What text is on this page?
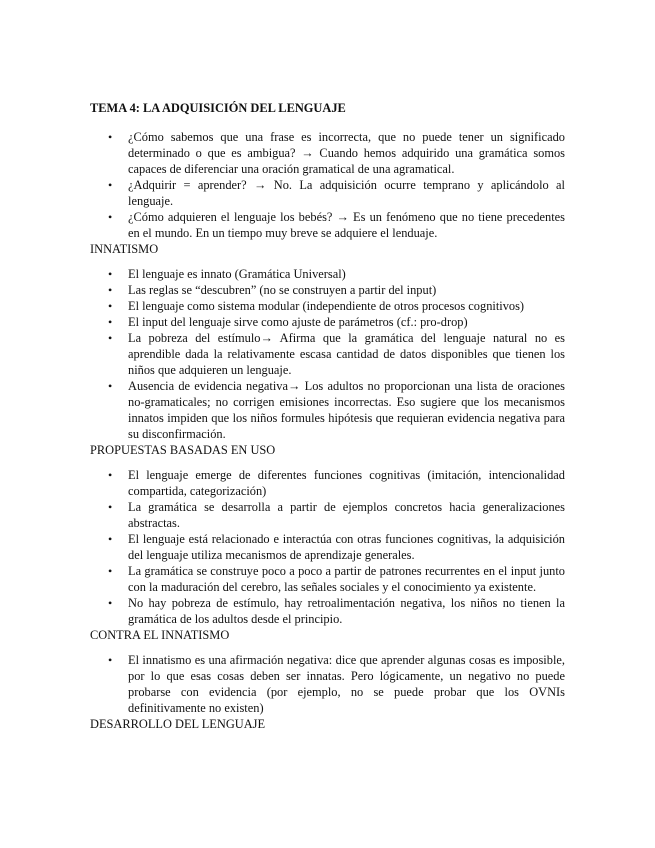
TEMA 4: LA ADQUISICIÓN DEL LENGUAJE
• ¿Cómo sabemos que una frase es incorrecta, que no puede tener un significado determinado o que es ambigua? → Cuando hemos adquirido una gramática somos capaces de diferenciar una oración gramatical de una agramatical.
• ¿Adquirir = aprender? → No. La adquisición ocurre temprano y aplicándolo al lenguaje.
• ¿Cómo adquieren el lenguaje los bebés? → Es un fenómeno que no tiene precedentes en el mundo. En un tiempo muy breve se adquiere el lenduaje.
INNATISMO
• El lenguaje es innato (Gramática Universal)
• Las reglas se “descubren” (no se construyen a partir del input)
• El lenguaje como sistema modular (independiente de otros procesos cognitivos)
• El input del lenguaje sirve como ajuste de parámetros (cf.: pro-drop)
• La pobreza del estímulo→ Afirma que la gramática del lenguaje natural no es aprendible dada la relativamente escasa cantidad de datos disponibles que tienen los niños que adquieren un lenguaje.
• Ausencia de evidencia negativa→ Los adultos no proporcionan una lista de oraciones no-gramaticales; no corrigen emisiones incorrectas. Eso sugiere que los mecanismos innatos impiden que los niños formules hipótesis que requieran evidencia negativa para su disconfirmación.
PROPUESTAS BASADAS EN USO
• El lenguaje emerge de diferentes funciones cognitivas (imitación, intencionalidad compartida, categorización)
• La gramática se desarrolla a partir de ejemplos concretos hacia generalizaciones abstractas.
• El lenguaje está relacionado e interactúa con otras funciones cognitivas, la adquisición del lenguaje utiliza mecanismos de aprendizaje generales.
• La gramática se construye poco a poco a partir de patrones recurrentes en el input junto con la maduración del cerebro, las señales sociales y el conocimiento ya existente.
• No hay pobreza de estímulo, hay retroalimentación negativa, los niños no tienen la gramática de los adultos desde el principio.
CONTRA EL INNATISMO
• El innatismo es una afirmación negativa: dice que aprender algunas cosas es imposible, por lo que esas cosas deben ser innatas. Pero lógicamente, un negativo no puede probarse con evidencia (por ejemplo, no se puede probar que los OVNIs definitivamente no existen)
DESARROLLO DEL LENGUAJE
